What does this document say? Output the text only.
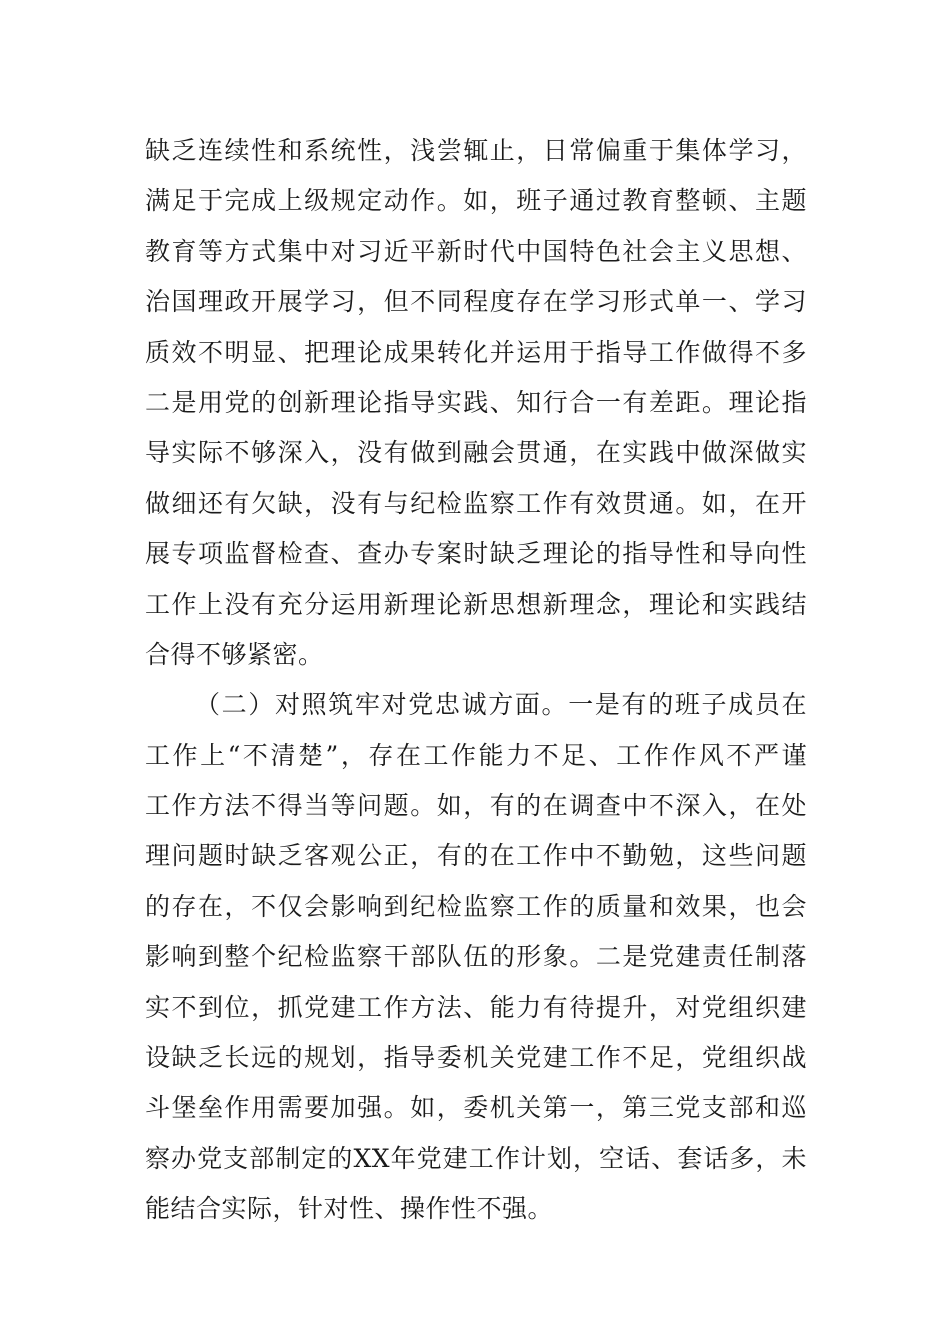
缺乏连续性和系统性，浅尝辄止，日常偏重于集体学习，
满足于完成上级规定动作。如，班子通过教育整顿、主题
教育等方式集中对习近平新时代中国特色社会主义思想、
治国理政开展学习，但不同程度存在学习形式单一、学习
质效不明显、把理论成果转化并运用于指导工作做得不多
二是用党的创新理论指导实践、知行合一有差距。理论指
导实际不够深入，没有做到融会贯通，在实践中做深做实
做细还有欠缺，没有与纪检监察工作有效贯通。如，在开
展专项监督检查、查办专案时缺乏理论的指导性和导向性
工作上没有充分运用新理论新思想新理念，理论和实践结
合得不够紧密。
（二）对照筑牢对党忠诚方面。一是有的班子成员在
工作上“不清楚”，存在工作能力不足、工作作风不严谨
工作方法不得当等问题。如，有的在调查中不深入，在处
理问题时缺乏客观公正，有的在工作中不勤勉，这些问题
的存在，不仅会影响到纪检监察工作的质量和效果，也会
影响到整个纪检监察干部队伍的形象。二是党建责任制落
实不到位，抓党建工作方法、能力有待提升，对党组织建
设缺乏长远的规划，指导委机关党建工作不足，党组织战
斗堡垒作用需要加强。如，委机关第一，第三党支部和巡
察办党支部制定的XX年党建工作计划，空话、套话多，未
能结合实际，针对性、操作性不强。
